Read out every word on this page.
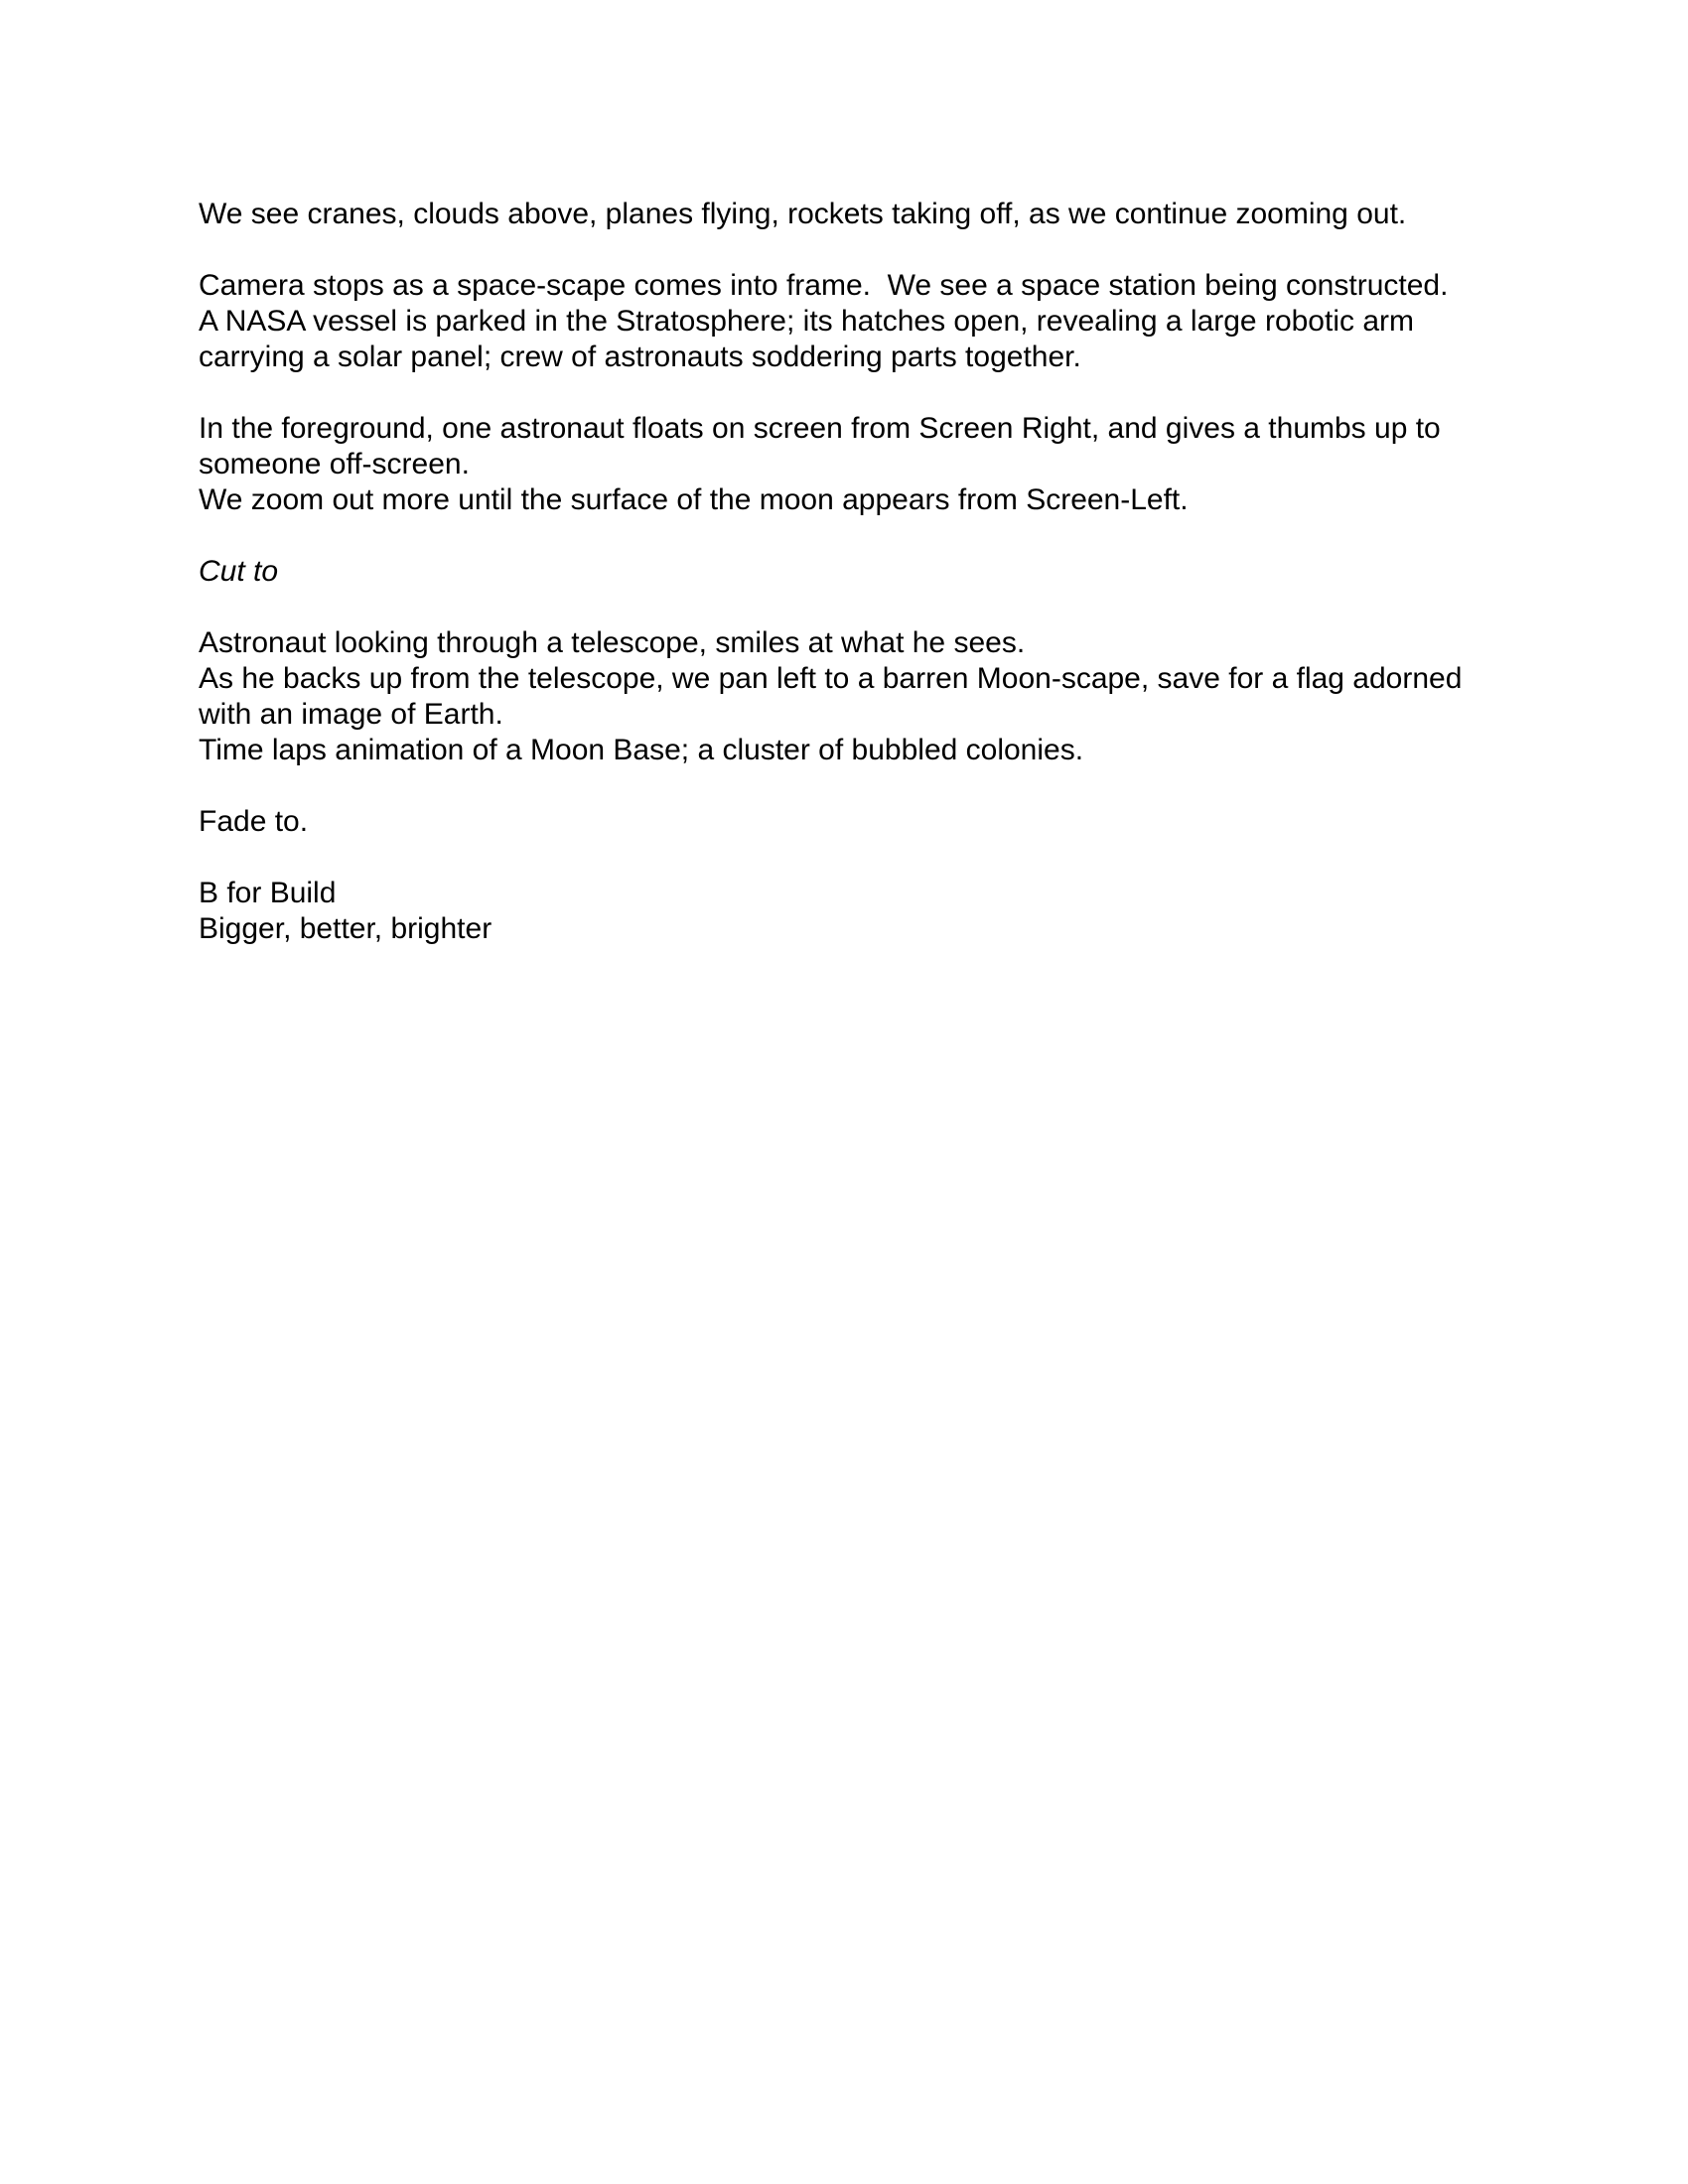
We see cranes, clouds above, planes flying, rockets taking off, as we continue zooming out.
Camera stops as a space-scape comes into frame.  We see a space station being constructed.
A NASA vessel is parked in the Stratosphere; its hatches open, revealing a large robotic arm
carrying a solar panel; crew of astronauts soddering parts together.
In the foreground, one astronaut floats on screen from Screen Right, and gives a thumbs up to
someone off-screen.
We zoom out more until the surface of the moon appears from Screen-Left.
Cut to
Astronaut looking through a telescope, smiles at what he sees.
As he backs up from the telescope, we pan left to a barren Moon-scape, save for a flag adorned
with an image of Earth.
Time laps animation of a Moon Base; a cluster of bubbled colonies.
Fade to.
B for Build
Bigger, better, brighter
